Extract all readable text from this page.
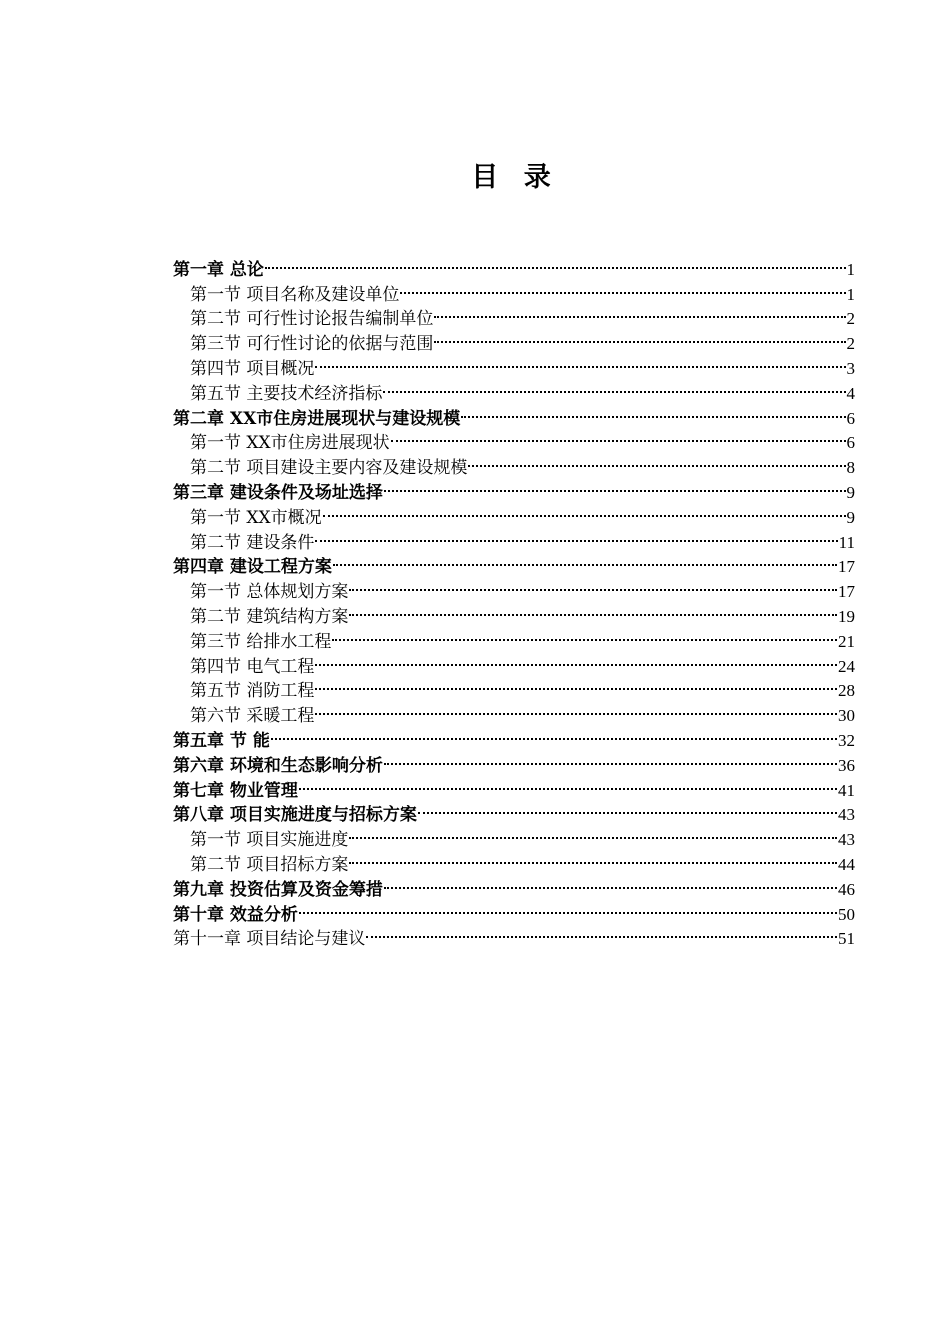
目 录
第一章 总论	1
第一节 项目名称及建设单位	1
第二节 可行性讨论报告编制单位	2
第三节 可行性讨论的依据与范围	2
第四节 项目概况	3
第五节 主要技术经济指标	4
第二章 XX市住房进展现状与建设规模	6
第一节 XX市住房进展现状	6
第二节 项目建设主要内容及建设规模	8
第三章 建设条件及场址选择	9
第一节 XX市概况	9
第二节 建设条件	11
第四章 建设工程方案	17
第一节 总体规划方案	17
第二节 建筑结构方案	19
第三节 给排水工程	21
第四节 电气工程	24
第五节 消防工程	28
第六节 采暖工程	30
第五章 节 能	32
第六章 环境和生态影响分析	36
第七章 物业管理	41
第八章 项目实施进度与招标方案	43
第一节 项目实施进度	43
第二节 项目招标方案	44
第九章 投资估算及资金筹措	46
第十章 效益分析	50
第十一章 项目结论与建议	51
